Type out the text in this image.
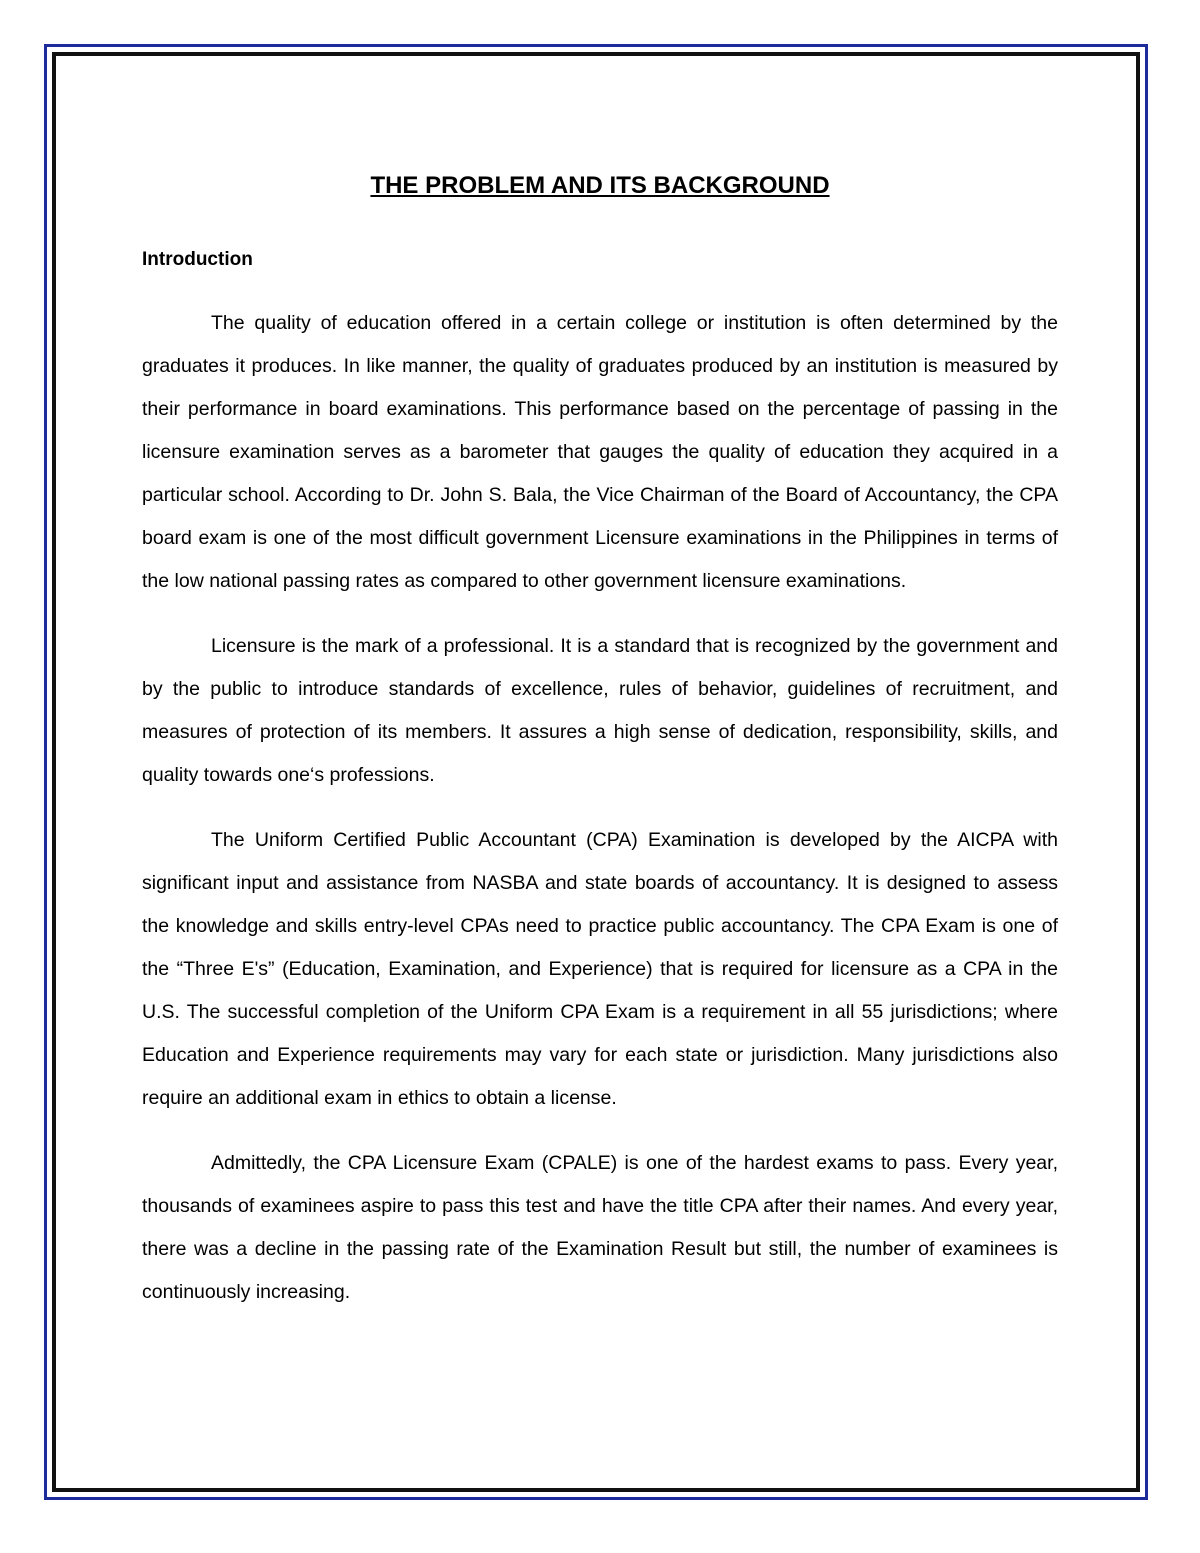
THE PROBLEM AND ITS BACKGROUND
Introduction

The quality of education offered in a certain college or institution is often determined by the graduates it produces. In like manner, the quality of graduates produced by an institution is measured by their performance in board examinations. This performance based on the percentage of passing in the licensure examination serves as a barometer that gauges the quality of education they acquired in a particular school. According to Dr. John S. Bala, the Vice Chairman of the Board of Accountancy, the CPA board exam is one of the most difficult government Licensure examinations in the Philippines in terms of the low national passing rates as compared to other government licensure examinations.

Licensure is the mark of a professional. It is a standard that is recognized by the government and by the public to introduce standards of excellence, rules of behavior, guidelines of recruitment, and measures of protection of its members. It assures a high sense of dedication, responsibility, skills, and quality towards one‘s professions.

The Uniform Certified Public Accountant (CPA) Examination is developed by the AICPA with significant input and assistance from NASBA and state boards of accountancy. It is designed to assess the knowledge and skills entry-level CPAs need to practice public accountancy. The CPA Exam is one of the “Three E's” (Education, Examination, and Experience) that is required for licensure as a CPA in the U.S. The successful completion of the Uniform CPA Exam is a requirement in all 55 jurisdictions; where Education and Experience requirements may vary for each state or jurisdiction. Many jurisdictions also require an additional exam in ethics to obtain a license.

Admittedly, the CPA Licensure Exam (CPALE) is one of the hardest exams to pass. Every year, thousands of examinees aspire to pass this test and have the title CPA after their names. And every year, there was a decline in the passing rate of the Examination Result but still, the number of examinees is continuously increasing.
